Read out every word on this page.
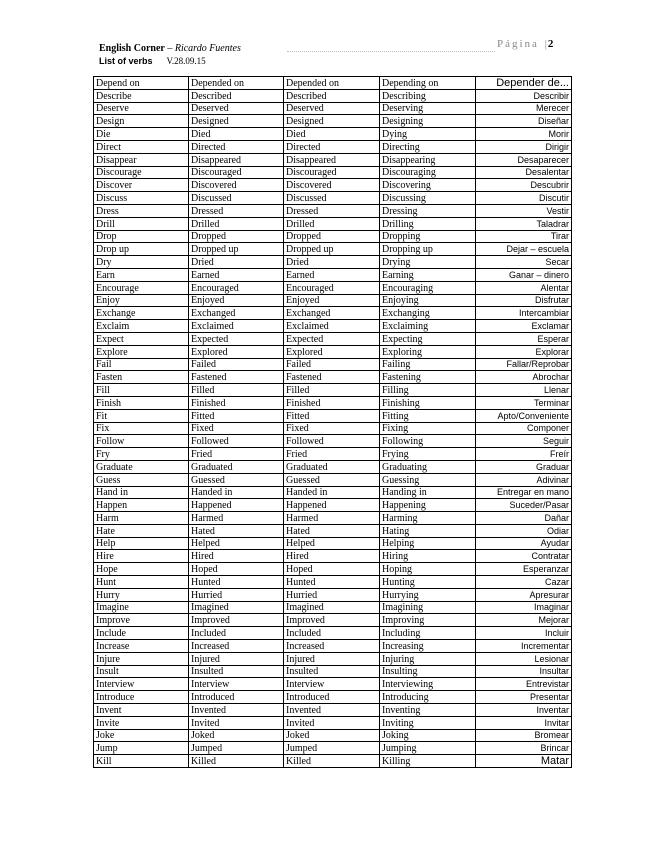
English Corner – Ricardo Fuentes
List of verbs V.28.09.15
Página |2
Depend on	Depended on	Depended on	Depending on	Depender de...
Describe	Described	Described	Describing	Describir
Deserve	Deserved	Deserved	Deserving	Merecer
Design	Designed	Designed	Designing	Diseñar
Die	Died	Died	Dying	Morir
Direct	Directed	Directed	Directing	Dirigir
Disappear	Disappeared	Disappeared	Disappearing	Desaparecer
Discourage	Discouraged	Discouraged	Discouraging	Desalentar
Discover	Discovered	Discovered	Discovering	Descubrir
Discuss	Discussed	Discussed	Discussing	Discutir
Dress	Dressed	Dressed	Dressing	Vestir
Drill	Drilled	Drilled	Drilling	Taladrar
Drop	Dropped	Dropped	Dropping	Tirar
Drop up	Dropped up	Dropped up	Dropping up	Dejar – escuela
Dry	Dried	Dried	Drying	Secar
Earn	Earned	Earned	Earning	Ganar – dinero
Encourage	Encouraged	Encouraged	Encouraging	Alentar
Enjoy	Enjoyed	Enjoyed	Enjoying	Disfrutar
Exchange	Exchanged	Exchanged	Exchanging	Intercambiar
Exclaim	Exclaimed	Exclaimed	Exclaiming	Exclamar
Expect	Expected	Expected	Expecting	Esperar
Explore	Explored	Explored	Exploring	Explorar
Fail	Failed	Failed	Failing	Fallar/Reprobar
Fasten	Fastened	Fastened	Fastening	Abrochar
Fill	Filled	Filled	Filling	Llenar
Finish	Finished	Finished	Finishing	Terminar
Fit	Fitted	Fitted	Fitting	Apto/Conveniente
Fix	Fixed	Fixed	Fixing	Componer
Follow	Followed	Followed	Following	Seguir
Fry	Fried	Fried	Frying	Freír
Graduate	Graduated	Graduated	Graduating	Graduar
Guess	Guessed	Guessed	Guessing	Adivinar
Hand in	Handed in	Handed in	Handing in	Entregar en mano
Happen	Happened	Happened	Happening	Suceder/Pasar
Harm	Harmed	Harmed	Harming	Dañar
Hate	Hated	Hated	Hating	Odiar
Help	Helped	Helped	Helping	Ayudar
Hire	Hired	Hired	Hiring	Contratar
Hope	Hoped	Hoped	Hoping	Esperanzar
Hunt	Hunted	Hunted	Hunting	Cazar
Hurry	Hurried	Hurried	Hurrying	Apresurar
Imagine	Imagined	Imagined	Imagining	Imaginar
Improve	Improved	Improved	Improving	Mejorar
Include	Included	Included	Including	Incluir
Increase	Increased	Increased	Increasing	Incrementar
Injure	Injured	Injured	Injuring	Lesionar
Insult	Insulted	Insulted	Insulting	Insultar
Interview	Interview	Interview	Interviewing	Entrevistar
Introduce	Introduced	Introduced	Introducing	Presentar
Invent	Invented	Invented	Inventing	Inventar
Invite	Invited	Invited	Inviting	Invitar
Joke	Joked	Joked	Joking	Bromear
Jump	Jumped	Jumped	Jumping	Brincar
Kill	Killed	Killed	Killing	Matar
